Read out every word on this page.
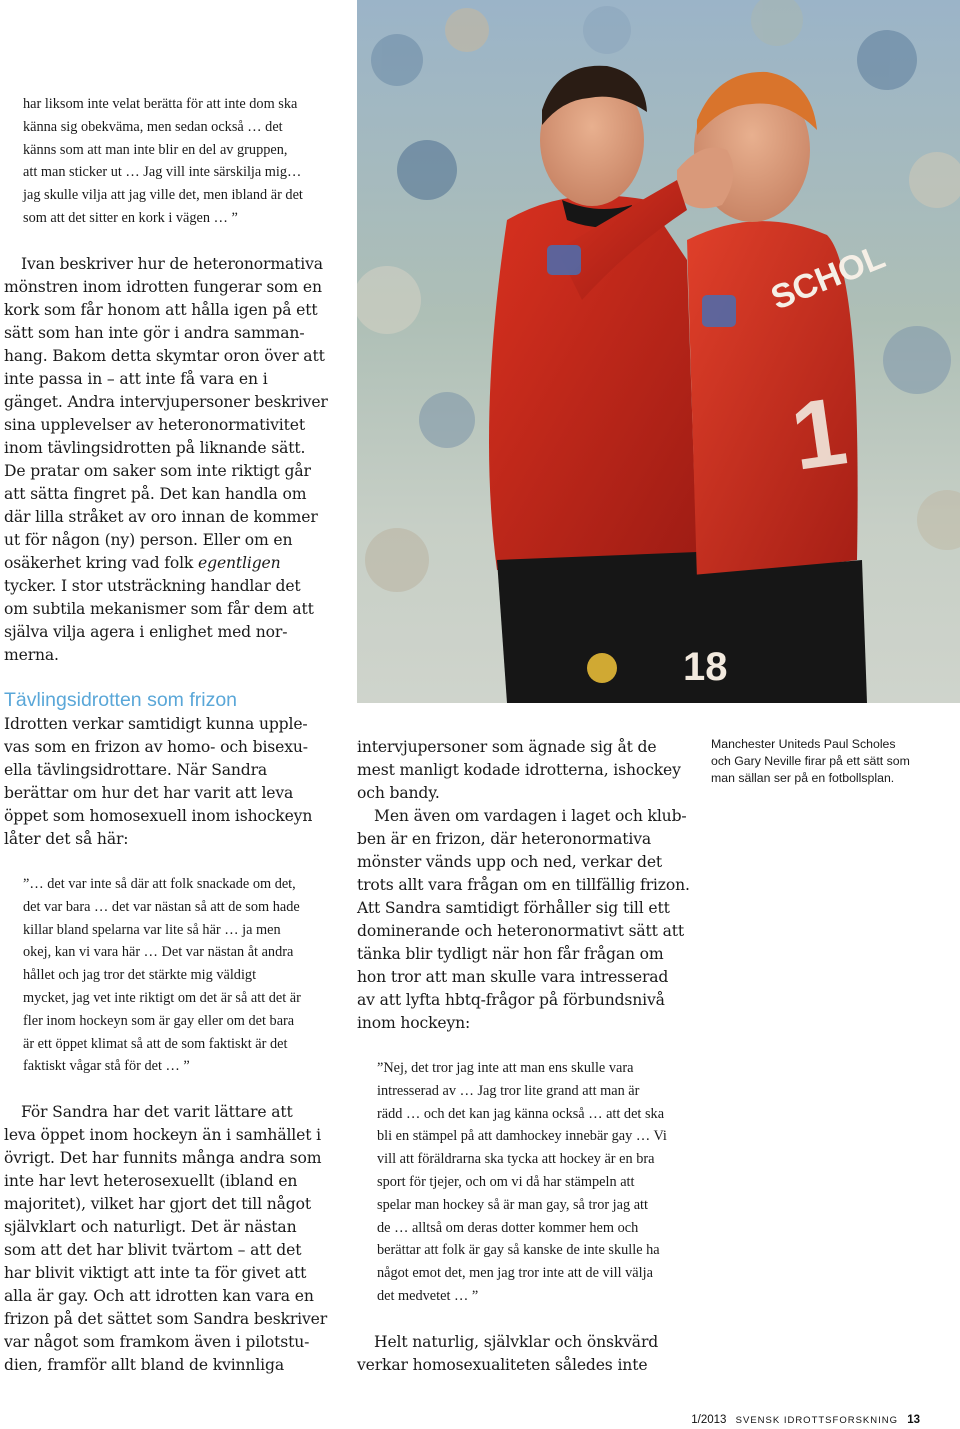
har liksom inte velat berätta för att inte dom ska
känna sig obekväma, men sedan också … det
känns som att man inte blir en del av gruppen,
att man sticker ut … Jag vill inte särskilja mig…
jag skulle vilja att jag ville det, men ibland är det
som att det sitter en kork i vägen … ”
Ivan beskriver hur de heteronormativa
mönstren inom idrotten fungerar som en
kork som får honom att hålla igen på ett
sätt som han inte gör i andra samman-
hang. Bakom detta skymtar oron över att
inte passa in – att inte få vara en i
gänget. Andra intervjupersoner beskriver
sina upplevelser av heteronormativitet
inom tävlingsidrotten på liknande sätt.
De pratar om saker som inte riktigt går
att sätta fingret på. Det kan handla om
där lilla stråket av oro innan de kommer
ut för någon (ny) person. Eller om en
osäkerhet kring vad folk egentligen
tycker. I stor utsträckning handlar det
om subtila mekanismer som får dem att
själva vilja agera i enlighet med nor-
merna.
Tävlingsidrotten som frizon
Idrotten verkar samtidigt kunna upple-
vas som en frizon av homo- och bisexu-
ella tävlingsidrottare. När Sandra
berättar om hur det har varit att leva
öppet som homosexuell inom ishockeyn
låter det så här:
”… det var inte så där att folk snackade om det,
det var bara … det var nästan så att de som hade
killar bland spelarna var lite så här … ja men
okej, kan vi vara här … Det var nästan åt andra
hållet och jag tror det stärkte mig väldigt
mycket, jag vet inte riktigt om det är så att det är
fler inom hockeyn som är gay eller om det bara
är ett öppet klimat så att de som faktiskt är det
faktiskt vågar stå för det … ”
För Sandra har det varit lättare att
leva öppet inom hockeyn än i samhället i
övrigt. Det har funnits många andra som
inte har levt heterosexuellt (ibland en
majoritet), vilket har gjort det till något
självklart och naturligt. Det är nästan
som att det har blivit tvärtom – att det
har blivit viktigt att inte ta för givet att
alla är gay. Och att idrotten kan vara en
frizon på det sättet som Sandra beskriver
var något som framkom även i pilotstu-
dien, framför allt bland de kvinnliga
SCHOL
1
18
intervjupersoner som ägnade sig åt de
mest manligt kodade idrotterna, ishockey
och bandy.
Men även om vardagen i laget och klub-
ben är en frizon, där heteronormativa
mönster vänds upp och ned, verkar det
trots allt vara frågan om en tillfällig frizon.
Att Sandra samtidigt förhåller sig till ett
dominerande och heteronormativt sätt att
tänka blir tydligt när hon får frågan om
hon tror att man skulle vara intresserad
av att lyfta hbtq-frågor på förbundsnivå
inom hockeyn:
”Nej, det tror jag inte att man ens skulle vara
intresserad av … Jag tror lite grand att man är
rädd … och det kan jag känna också … att det ska
bli en stämpel på att damhockey innebär gay … Vi
vill att föräldrarna ska tycka att hockey är en bra
sport för tjejer, och om vi då har stämpeln att
spelar man hockey så är man gay, så tror jag att
de … alltså om deras dotter kommer hem och
berättar att folk är gay så kanske de inte skulle ha
något emot det, men jag tror inte att de vill välja
det medvetet … ”
Helt naturlig, självklar och önskvärd
verkar homosexualiteten således inte
Manchester Uniteds Paul Scholes
och Gary Neville firar på ett sätt som
man sällan ser på en fotbollsplan.
1/2013 SVENSK IDROTTSFORSKNING 13
